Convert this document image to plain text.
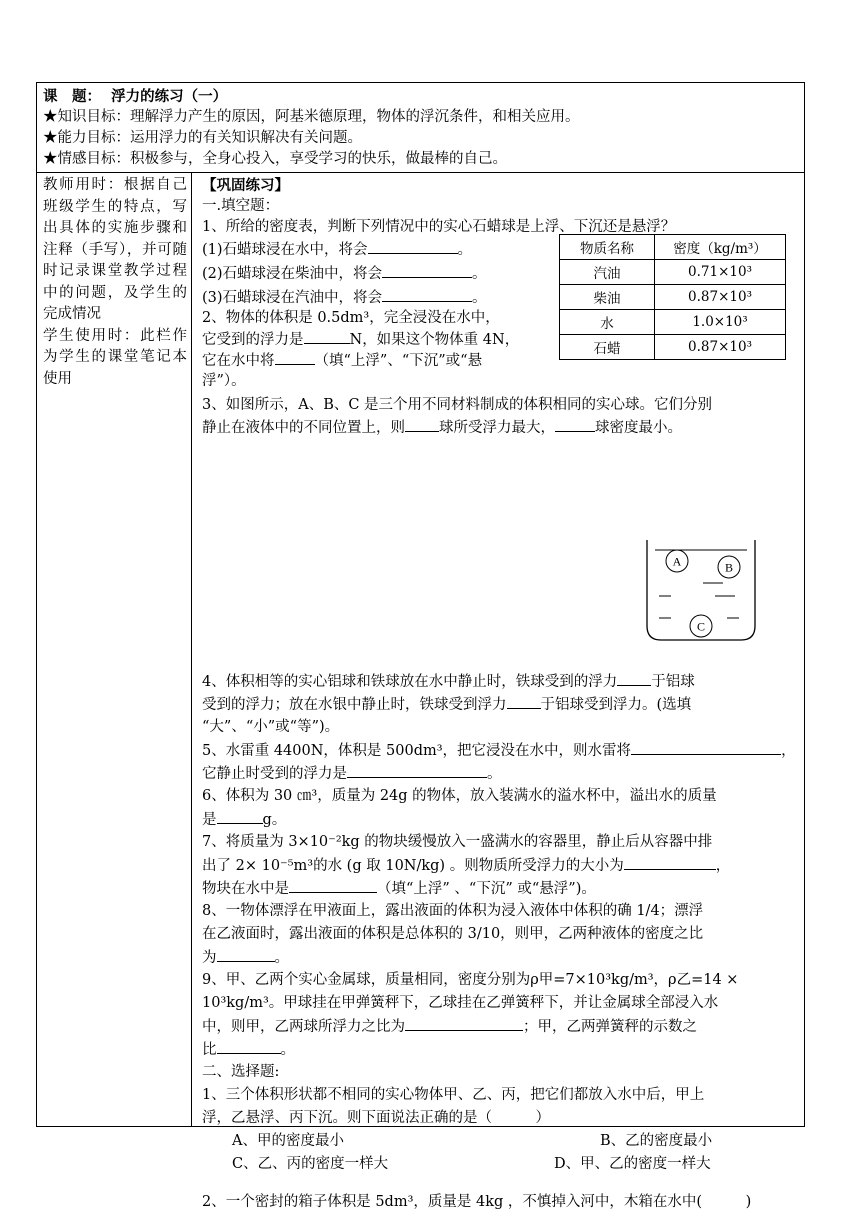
课　题： 浮力的练习（一）
★知识目标：理解浮力产生的原因，阿基米德原理，物体的浮沉条件，和相关应用。
★能力目标：运用浮力的有关知识解决有关问题。
★情感目标：积极参与，全身心投入，享受学习的快乐，做最棒的自己。

教师用时：根据自己班级学生的特点，写出具体的实施步骤和注释（手写），并可随时记录课堂教学过程中的问题，及学生的完成情况

学生使用时：此栏作为学生的课堂笔记本使用

【巩固练习】
一.填空题：
1、所给的密度表，判断下列情况中的实心石蜡球是上浮、下沉还是悬浮？
(1)石蜡球浸在水中，将会	。
(2)石蜡球浸在柴油中，将会	。
(3)石蜡球浸在汽油中，将会	。
物质名称	密度（kg/m³）
汽油	0.71×10³
柴油	0.87×10³
水	1.0×10³
石蜡	0.87×10³
2、物体的体积是 0.5dm³，完全浸没在水中，
它受到的浮力是	N，如果这个物体重 4N，
它在水中将	（填“上浮”、“下沉”或“悬
浮”）。
3、如图所示，A、B、C 是三个用不同材料制成的体积相同的实心球。它们分别
静止在液体中的不同位置上，则 球所受浮力最大，	球密度最小。
A	B
C
4、体积相等的实心铝球和铁球放在水中静止时，铁球受到的浮力 于铝球
受到的浮力；放在水银中静止时，铁球受到浮力 于铝球受到浮力。(选填
“大”、“小”或“等”)。
5、水雷重 4400N，体积是 500dm³，把它浸没在水中，则水雷将	，
它静止时受到的浮力是	。
6、体积为 30 ㎝³，质量为 24g 的物体，放入装满水的溢水杯中，溢出水的质量
是	g。
7、将质量为 3×10⁻²kg 的物块缓慢放入一盛满水的容器里，静止后从容器中排
出了 2× 10⁻⁵m³的水 (g 取 10N/kg) 。则物质所受浮力的大小为	，
物块在水中是	（填“上浮” 、“下沉” 或“悬浮”)。
8、一物体漂浮在甲液面上，露出液面的体积为浸入液体中体积的确 1/4；漂浮
在乙液面时，露出液面的体积是总体积的 3/10，则甲，乙两种液体的密度之比
为	。
9、甲、乙两个实心金属球，质量相同，密度分别为ρ甲=7×10³kg/m³，ρ乙=14 ×
10³kg/m³。甲球挂在甲弹簧秤下，乙球挂在乙弹簧秤下，并让金属球全部浸入水
中，则甲，乙两球所浮力之比为	；甲，乙两弹簧秤的示数之
比	。
二、选择题:
1、三个体积形状都不相同的实心物体甲、乙、丙，把它们都放入水中后，甲上
浮，乙悬浮、丙下沉。则下面说法正确的是（　　　）
A、甲的密度最小	B、乙的密度最小
C、乙、丙的密度一样大	D、甲、乙的密度一样大
2、一个密封的箱子体积是 5dm³，质量是 4kg ，不慎掉入河中，木箱在水中(　　　)
